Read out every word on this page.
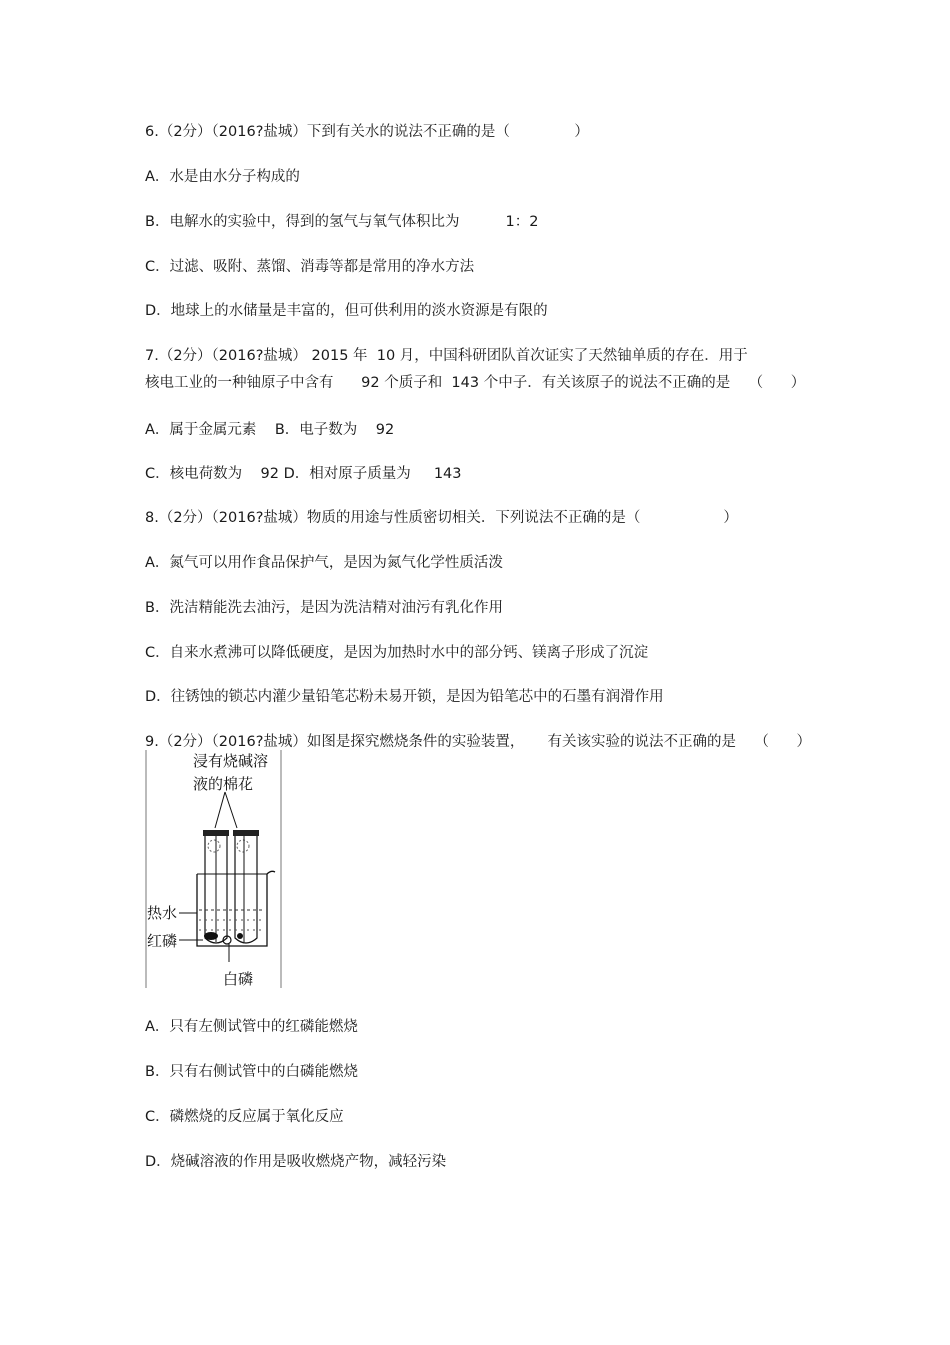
6.（2分）（2016?盐城）下到有关水的说法不正确的是（              ）
A．水是由水分子构成的
B．电解水的实验中，得到的氢气与氧气体积比为          1：2
C．过滤、吸附、蒸馏、消毒等都是常用的净水方法
D．地球上的水储量是丰富的，但可供利用的淡水资源是有限的
7.（2分）（2016?盐城） 2015 年  10 月，中国科研团队首次证实了天然铀单质的存在．用于
核电工业的一种铀原子中含有      92 个质子和  143 个中子．有关该原子的说法不正确的是    （      ）
A．属于金属元素    B．电子数为    92
C．核电荷数为    92 D．相对原子质量为     143
8.（2分）（2016?盐城）物质的用途与性质密切相关．下列说法不正确的是（                  ）
A．氮气可以用作食品保护气，是因为氮气化学性质活泼
B．洗洁精能洗去油污，是因为洗洁精对油污有乳化作用
C．自来水煮沸可以降低硬度，是因为加热时水中的部分钙、镁离子形成了沉淀
D．往锈蚀的锁芯内灌少量铅笔芯粉未易开锁，是因为铅笔芯中的石墨有润滑作用
9.（2分）（2016?盐城）如图是探究燃烧条件的实验装置，     有关该实验的说法不正确的是    （      ）
浸有烧碱溶
液的棉花
热水
红磷
白磷
A．只有左侧试管中的红磷能燃烧
B．只有右侧试管中的白磷能燃烧
C．磷燃烧的反应属于氧化反应
D．烧碱溶液的作用是吸收燃烧产物，减轻污染
